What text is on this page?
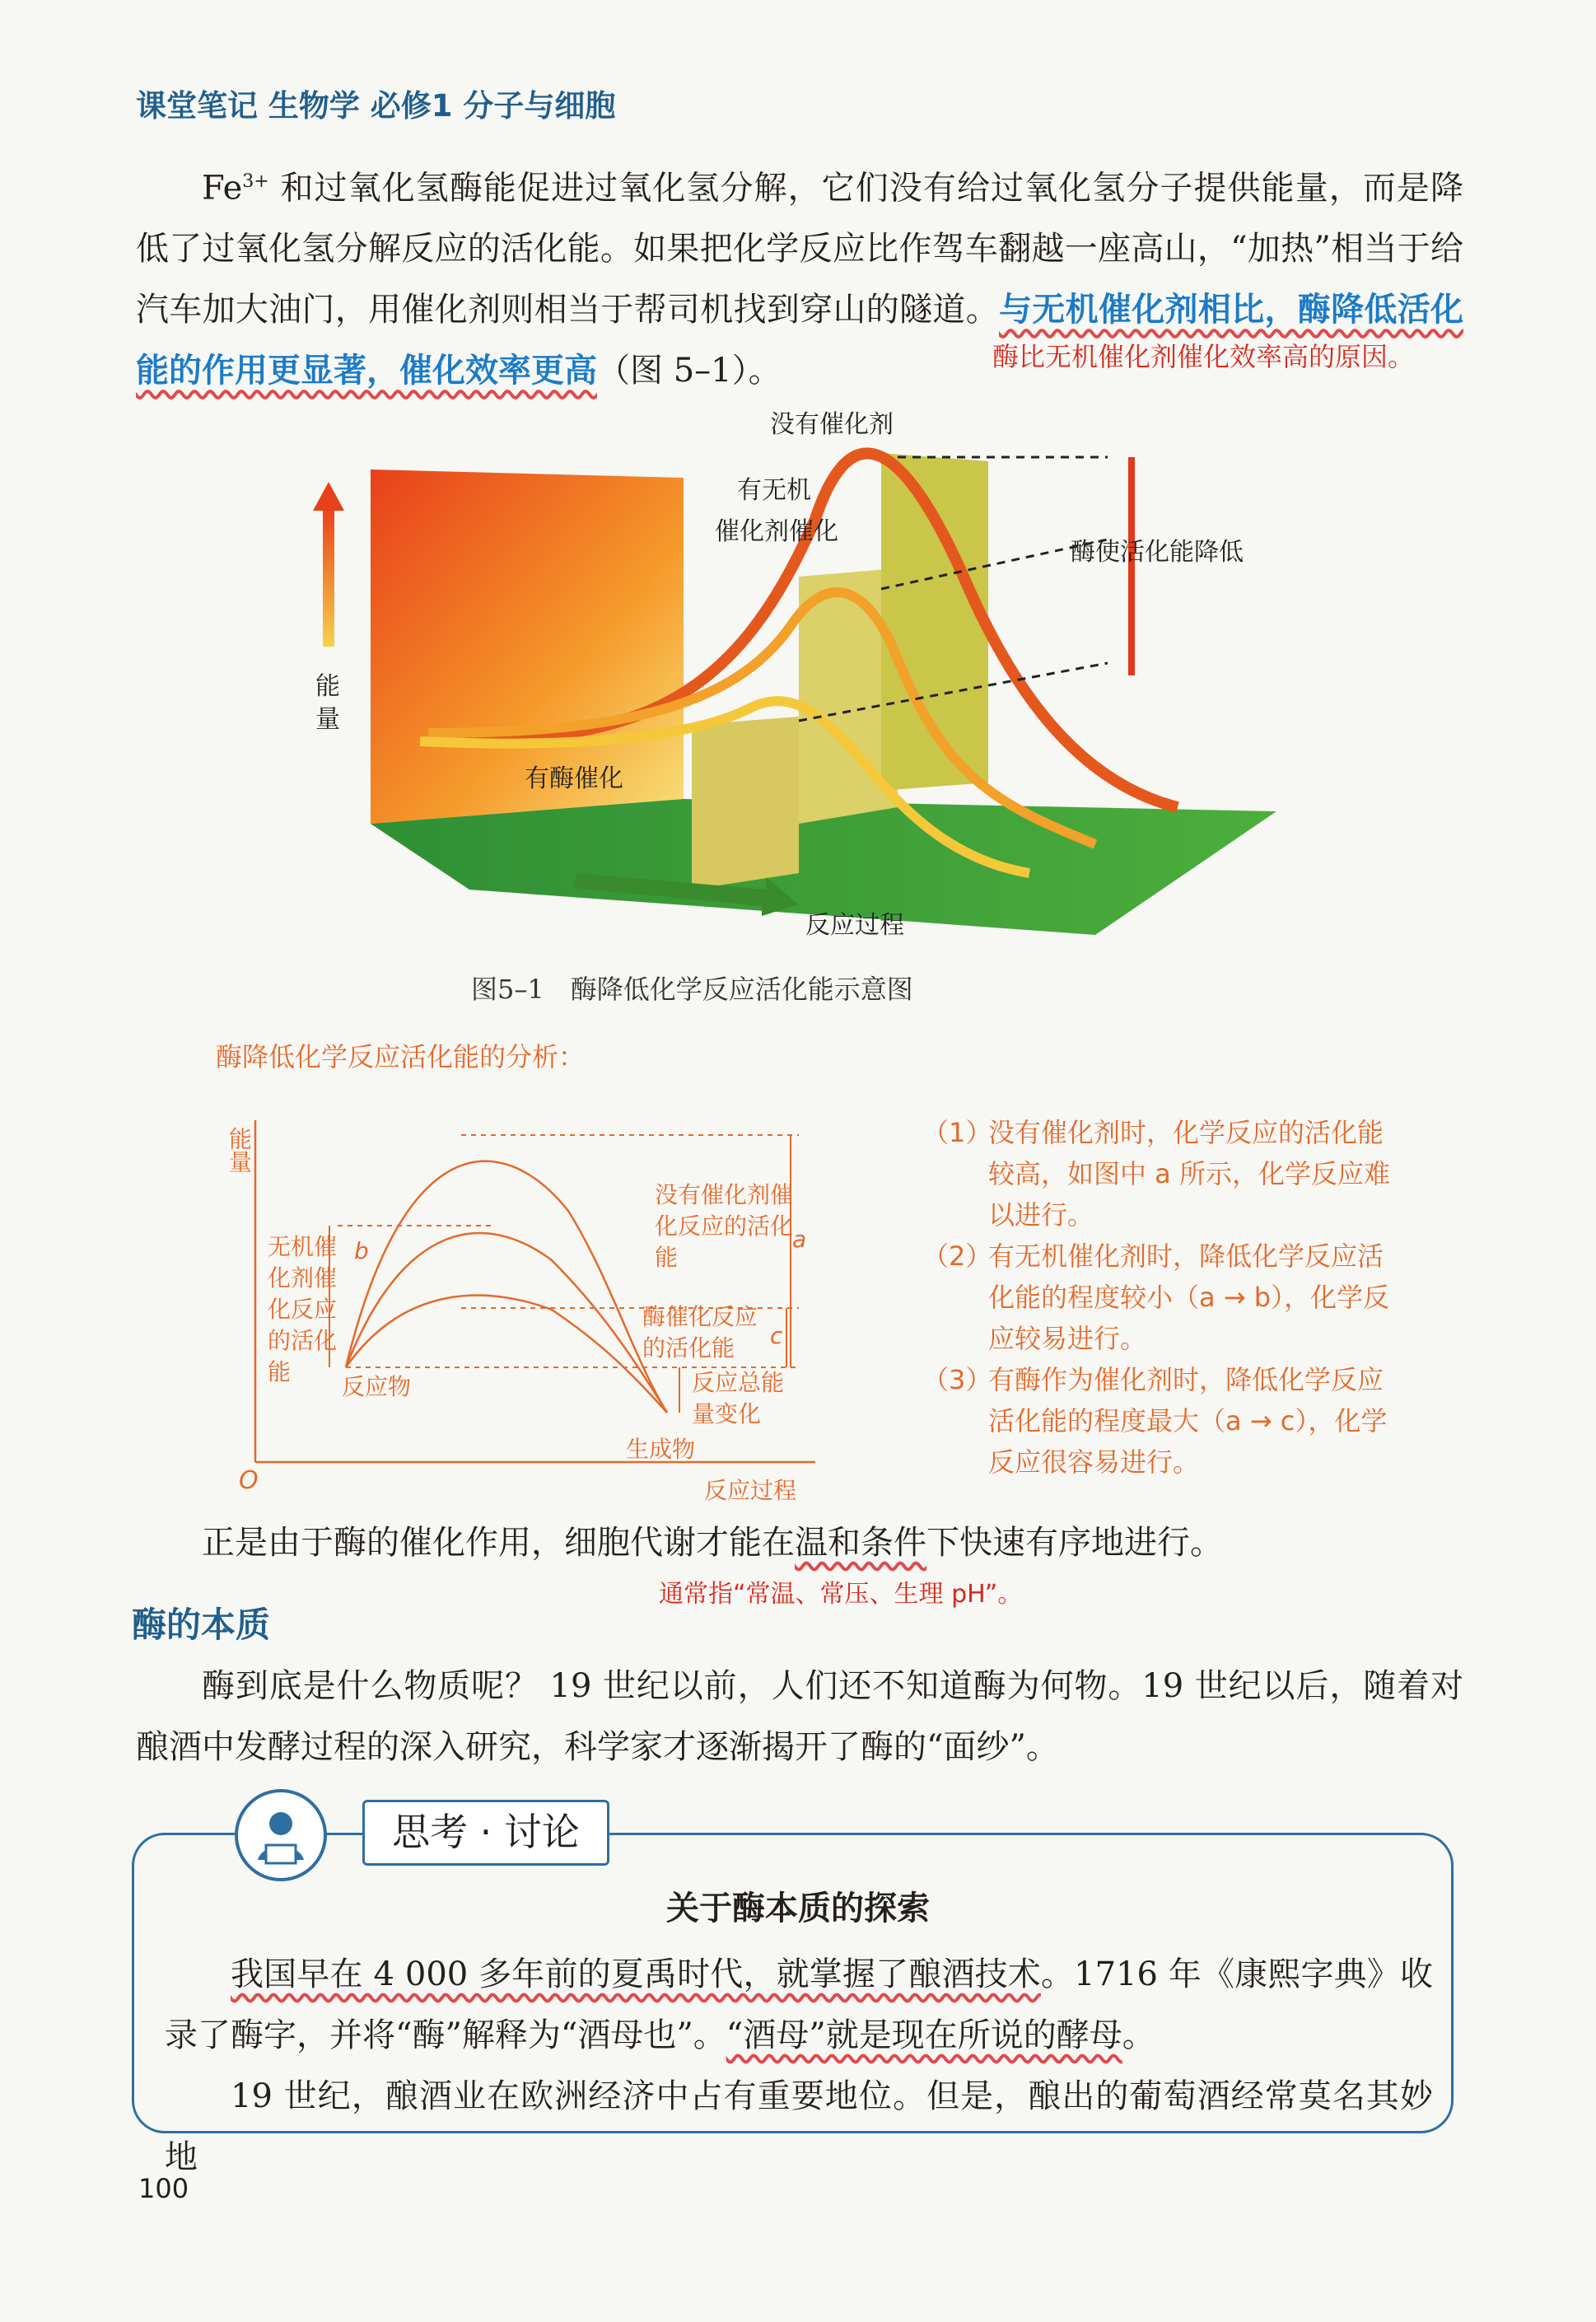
课堂笔记 生物学 必修1 分子与细胞

$Fe^{3+}$ 和过氧化氢酶能促进过氧化氢分解，它们没有给过氧化氢分子提供能量，而是降低了过氧化氢分解反应的活化能。如果把化学反应比作驾车翻越一座高山，“加热”相当于给汽车加大油门，用催化剂则相当于帮司机找到穿山的隧道。与无机催化剂相比，酶降低活化能的作用更显著，催化效率更高（图 5–1）。	酶比无机催化剂催化效率高的原因。
没有催化剂
有无机
催化剂催化
酶使活化能降低
有酶催化
能
量
反应过程
图5–1　酶降低化学反应活化能示意图
酶降低化学反应活化能的分析：
能量
O	反应过程
没有催化剂催化反应的活化能
无机催化剂催化反应的活化能
酶催化反应的活化能
反应总能量变化
反应物
生成物
a
b
c
（1）
没有催化剂时，化学反应的活化能较高，如图中 a 所示，化学反应难以进行。
（2）
有无机催化剂时，降低化学反应活化能的程度较小（a → b），化学反应较易进行。
（3）
有酶作为催化剂时，降低化学反应活化能的程度最大（a → c），化学反应很容易进行。

正是由于酶的催化作用，细胞代谢才能在温和条件下快速有序地进行。

通常指“常温、常压、生理 pH”。
酶的本质

酶到底是什么物质呢？ 19 世纪以前，人们还不知道酶为何物。19 世纪以后，随着对酿酒中发酵过程的深入研究，科学家才逐渐揭开了酶的“面纱”。

思考 · 讨论
关于酶本质的探索

我国早在 4 000 多年前的夏禹时代，就掌握了酿酒技术。1716 年《康熙字典》收录了酶字，并将“酶”解释为“酒母也”。“酒母”就是现在所说的酵母。

19 世纪，酿酒业在欧洲经济中占有重要地位。但是，酿出的葡萄酒经常莫名其妙地

100
